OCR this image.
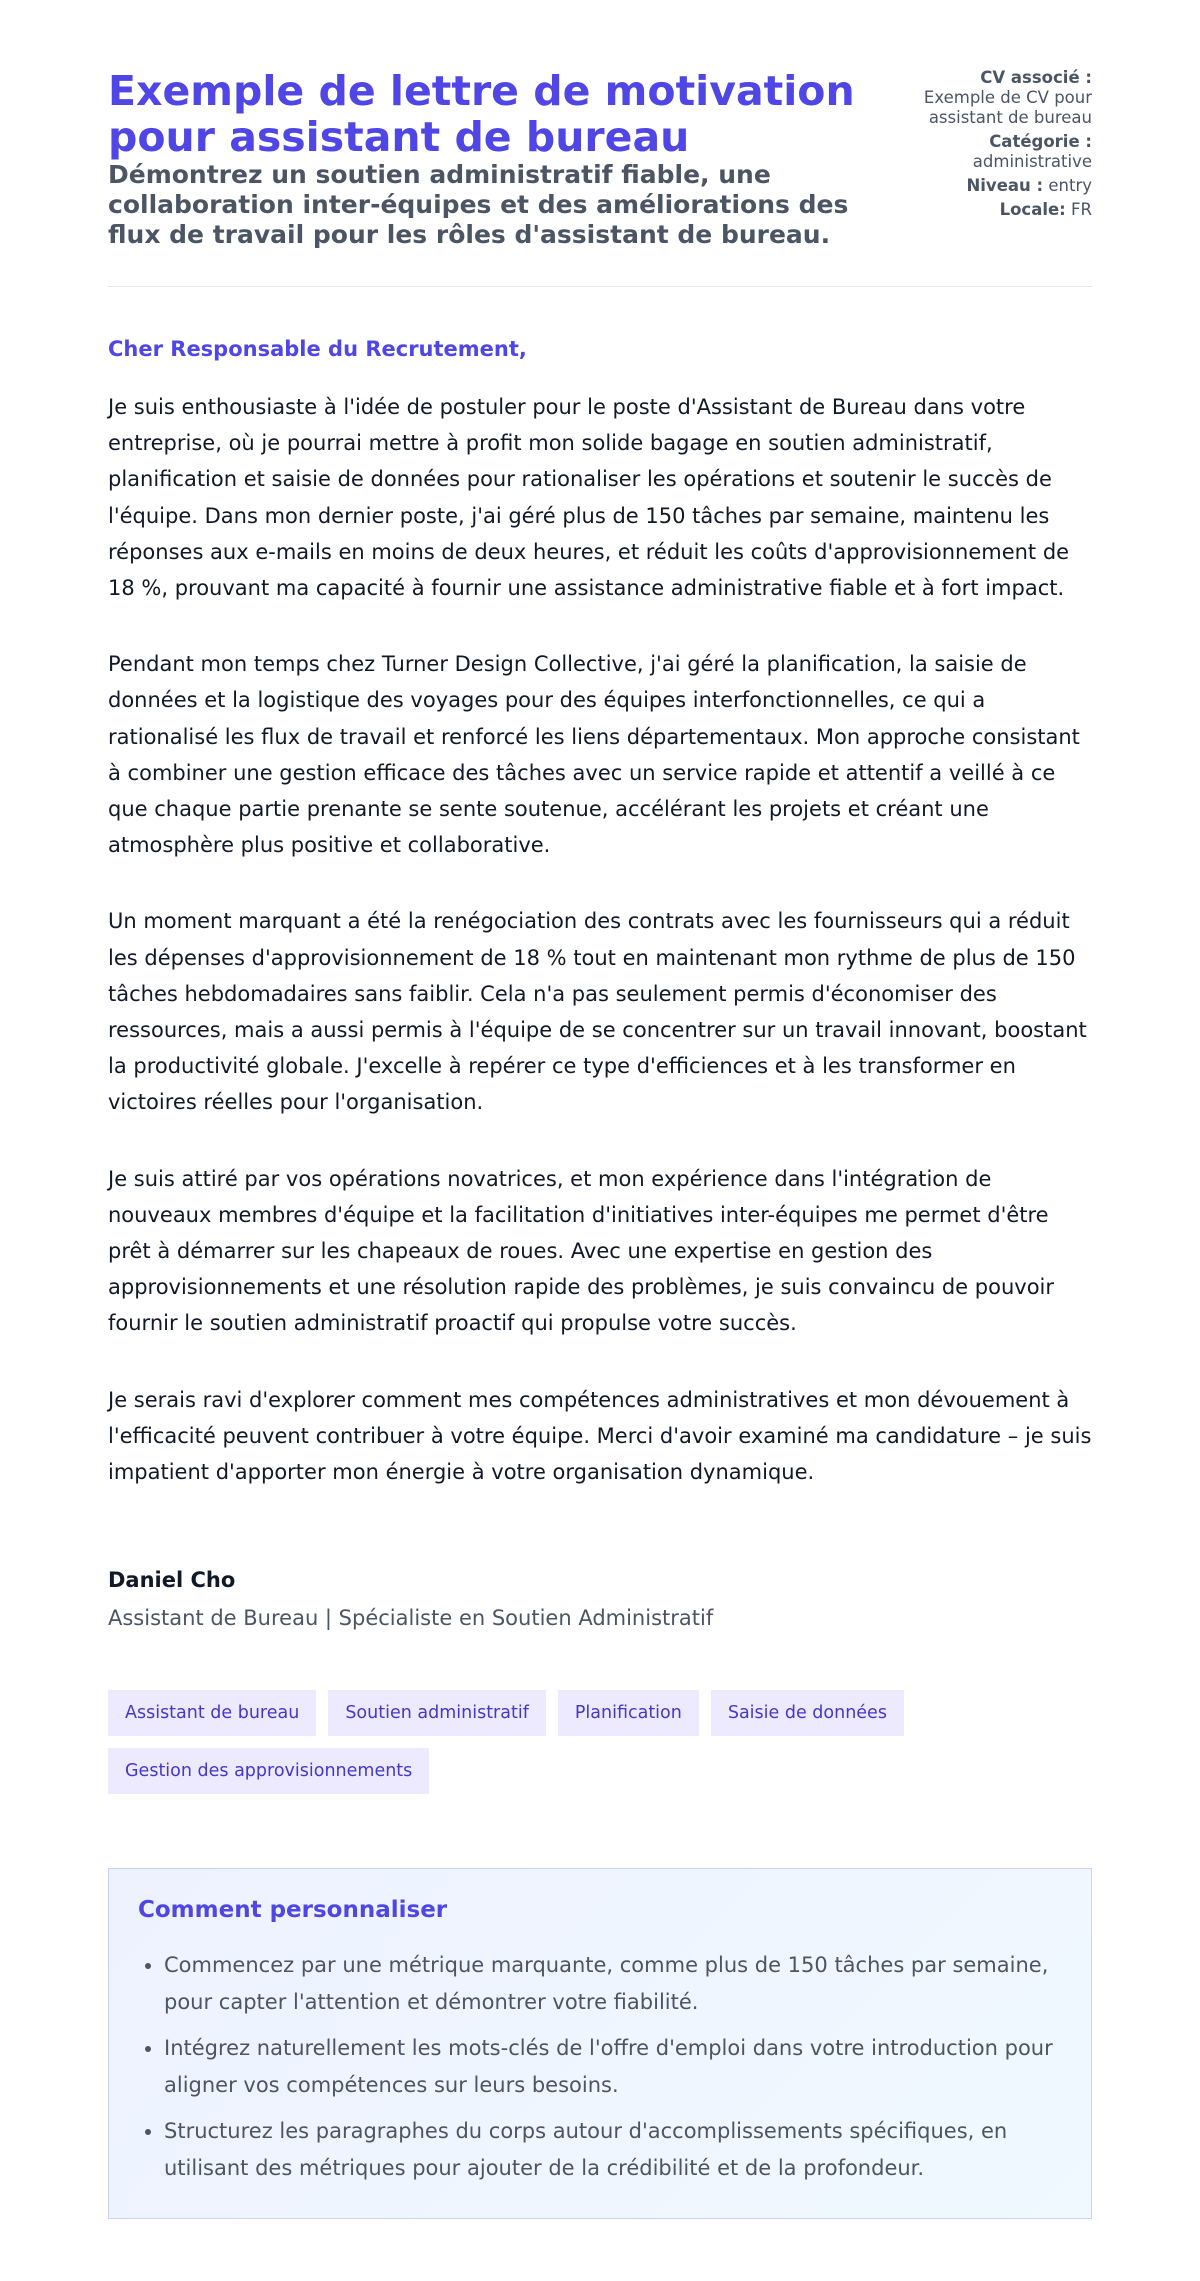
Exemple de lettre de motivation pour assistant de bureau

Démontrez un soutien administratif fiable, une collaboration inter-équipes et des améliorations des flux de travail pour les rôles d'assistant de bureau.

CV associé : Exemple de CV pour assistant de bureau
Catégorie : administrative
Niveau : entry
Locale: FR

Cher Responsable du Recrutement,

Je suis enthousiaste à l'idée de postuler pour le poste d'Assistant de Bureau dans votre entreprise, où je pourrai mettre à profit mon solide bagage en soutien administratif, planification et saisie de données pour rationaliser les opérations et soutenir le succès de l'équipe. Dans mon dernier poste, j'ai géré plus de 150 tâches par semaine, maintenu les réponses aux e-mails en moins de deux heures, et réduit les coûts d'approvisionnement de 18 %, prouvant ma capacité à fournir une assistance administrative fiable et à fort impact.

Pendant mon temps chez Turner Design Collective, j'ai géré la planification, la saisie de données et la logistique des voyages pour des équipes interfonctionnelles, ce qui a rationalisé les flux de travail et renforcé les liens départementaux. Mon approche consistant à combiner une gestion efficace des tâches avec un service rapide et attentif a veillé à ce que chaque partie prenante se sente soutenue, accélérant les projets et créant une atmosphère plus positive et collaborative.

Un moment marquant a été la renégociation des contrats avec les fournisseurs qui a réduit les dépenses d'approvisionnement de 18 % tout en maintenant mon rythme de plus de 150 tâches hebdomadaires sans faiblir. Cela n'a pas seulement permis d'économiser des ressources, mais a aussi permis à l'équipe de se concentrer sur un travail innovant, boostant la productivité globale. J'excelle à repérer ce type d'efficiences et à les transformer en victoires réelles pour l'organisation.

Je suis attiré par vos opérations novatrices, et mon expérience dans l'intégration de nouveaux membres d'équipe et la facilitation d'initiatives inter-équipes me permet d'être prêt à démarrer sur les chapeaux de roues. Avec une expertise en gestion des approvisionnements et une résolution rapide des problèmes, je suis convaincu de pouvoir fournir le soutien administratif proactif qui propulse votre succès.

Je serais ravi d'explorer comment mes compétences administratives et mon dévouement à l'efficacité peuvent contribuer à votre équipe. Merci d'avoir examiné ma candidature – je suis impatient d'apporter mon énergie à votre organisation dynamique.

Daniel Cho
Assistant de Bureau | Spécialiste en Soutien Administratif
Assistant de bureau	Soutien administratif	Planification	Saisie de données
Gestion des approvisionnements
Comment personnaliser
• Commencez par une métrique marquante, comme plus de 150 tâches par semaine, pour capter l'attention et démontrer votre fiabilité.
• Intégrez naturellement les mots-clés de l'offre d'emploi dans votre introduction pour aligner vos compétences sur leurs besoins.
• Structurez les paragraphes du corps autour d'accomplissements spécifiques, en utilisant des métriques pour ajouter de la crédibilité et de la profondeur.
